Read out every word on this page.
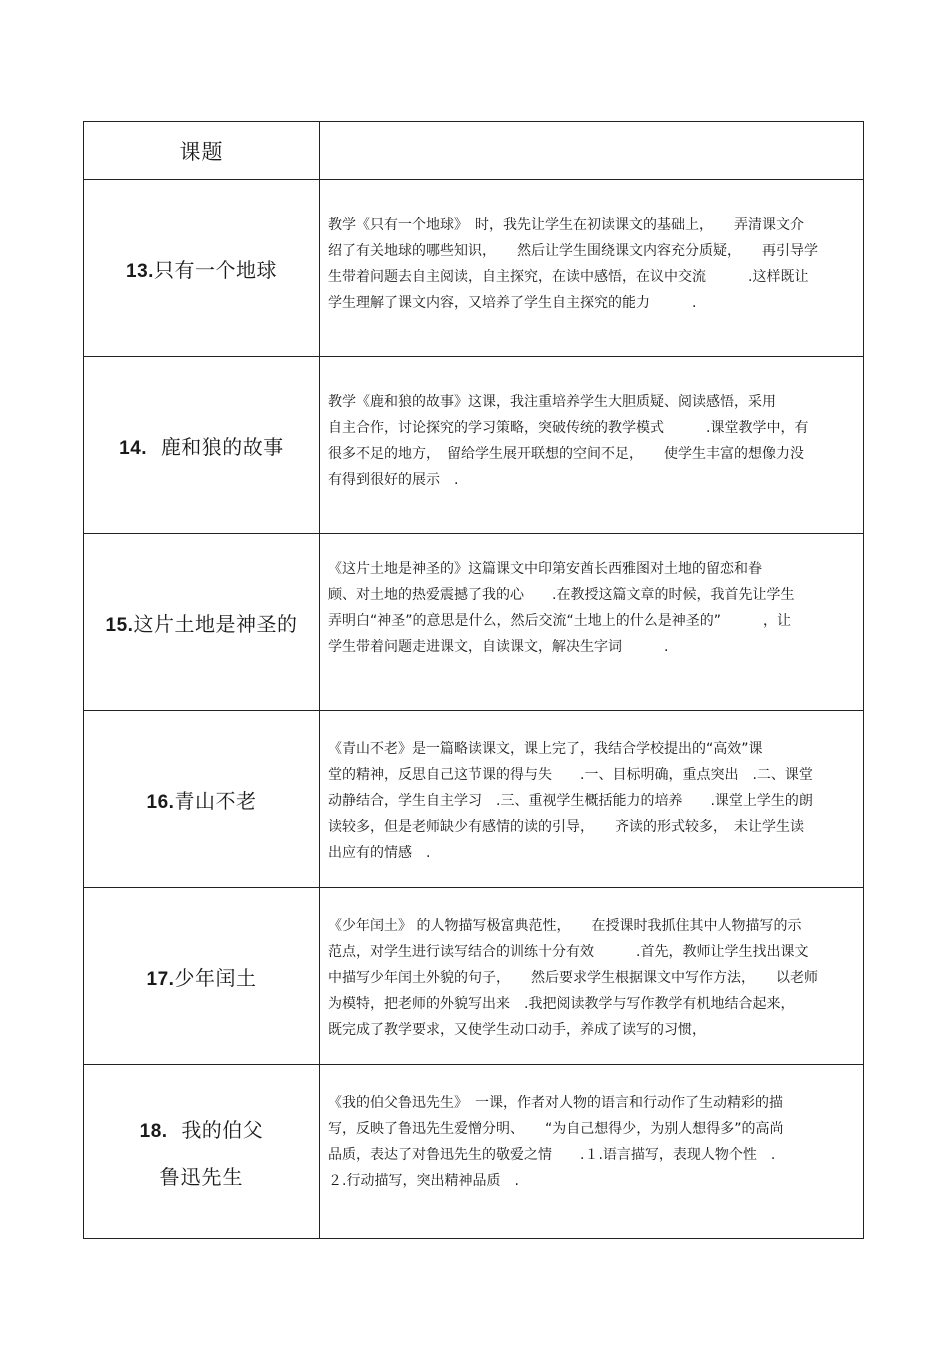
课题
13.只有一个地球
教学《只有一个地球》　时，我先让学生在初读课文的基础上，　　弄清课文介
绍了有关地球的哪些知识，　　然后让学生围绕课文内容充分质疑，　　再引导学
生带着问题去自主阅读，自主探究，在读中感悟，在议中交流　　　.这样既让
学生理解了课文内容，又培养了学生自主探究的能力　　　.
14. 鹿和狼的故事
教学《鹿和狼的故事》这课，我注重培养学生大胆质疑、阅读感悟，采用
自主合作，讨论探究的学习策略，突破传统的教学模式　　　.课堂教学中，有
很多不足的地方，　留给学生展开联想的空间不足，　　使学生丰富的想像力没
有得到很好的展示　.
15.这片土地是神圣的
《这片土地是神圣的》这篇课文中印第安酋长西雅图对土地的留恋和眷
顾、对土地的热爱震撼了我的心　　.在教授这篇文章的时候，我首先让学生
弄明白“神圣”的意思是什么，然后交流“土地上的什么是神圣的”　　　，让
学生带着问题走进课文，自读课文，解决生字词　　　.
16.青山不老
《青山不老》是一篇略读课文，课上完了，我结合学校提出的“高效”课
堂的精神，反思自己这节课的得与失　　.一、目标明确，重点突出　.二、课堂
动静结合，学生自主学习　.三、重视学生概括能力的培养　　.课堂上学生的朗
读较多，但是老师缺少有感情的读的引导，　　齐读的形式较多，　未让学生读
出应有的情感　.
17.少年闰土
《少年闰土》 的人物描写极富典范性，　　在授课时我抓住其中人物描写的示
范点，对学生进行读写结合的训练十分有效　　　.首先，教师让学生找出课文
中描写少年闰土外貌的句子，　　然后要求学生根据课文中写作方法，　　以老师
为模特，把老师的外貌写出来　.我把阅读教学与写作教学有机地结合起来，
既完成了教学要求，又使学生动口动手，养成了读写的习惯，
18. 我的伯父
鲁迅先生
《我的伯父鲁迅先生》　一课，作者对人物的语言和行动作了生动精彩的描
写，反映了鲁迅先生爱憎分明、　　“为自己想得少，为别人想得多”的高尚
品质，表达了对鲁迅先生的敬爱之情　　.１.语言描写，表现人物个性　.
２.行动描写，突出精神品质　.
